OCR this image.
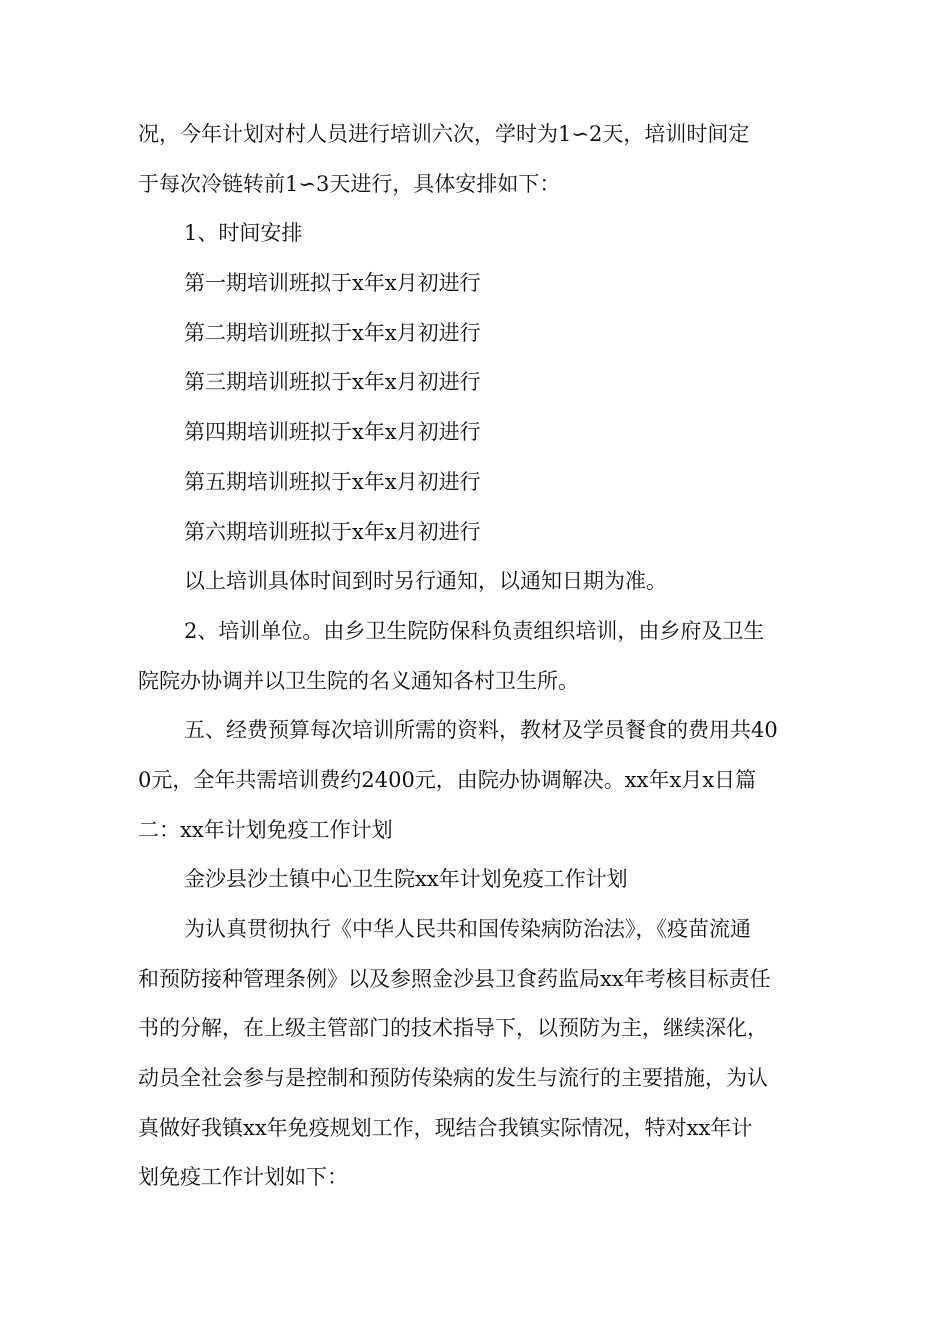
况，今年计划对村人员进行培训六次，学时为1∽2天，培训时间定
于每次冷链转前1∽3天进行，具体安排如下：
1、时间安排
第一期培训班拟于x年x月初进行
第二期培训班拟于x年x月初进行
第三期培训班拟于x年x月初进行
第四期培训班拟于x年x月初进行
第五期培训班拟于x年x月初进行
第六期培训班拟于x年x月初进行
以上培训具体时间到时另行通知，以通知日期为准。
2、培训单位。由乡卫生院防保科负责组织培训，由乡府及卫生
院院办协调并以卫生院的名义通知各村卫生所。
五、经费预算每次培训所需的资料，教材及学员餐食的费用共40
0元，全年共需培训费约2400元，由院办协调解决。xx年x月x日篇
二：xx年计划免疫工作计划
金沙县沙土镇中心卫生院xx年计划免疫工作计划
为认真贯彻执行《中华人民共和国传染病防治法》，《疫苗流通
和预防接种管理条例》以及参照金沙县卫食药监局xx年考核目标责任
书的分解，在上级主管部门的技术指导下，以预防为主，继续深化，
动员全社会参与是控制和预防传染病的发生与流行的主要措施，为认
真做好我镇xx年免疫规划工作，现结合我镇实际情况，特对xx年计
划免疫工作计划如下：
